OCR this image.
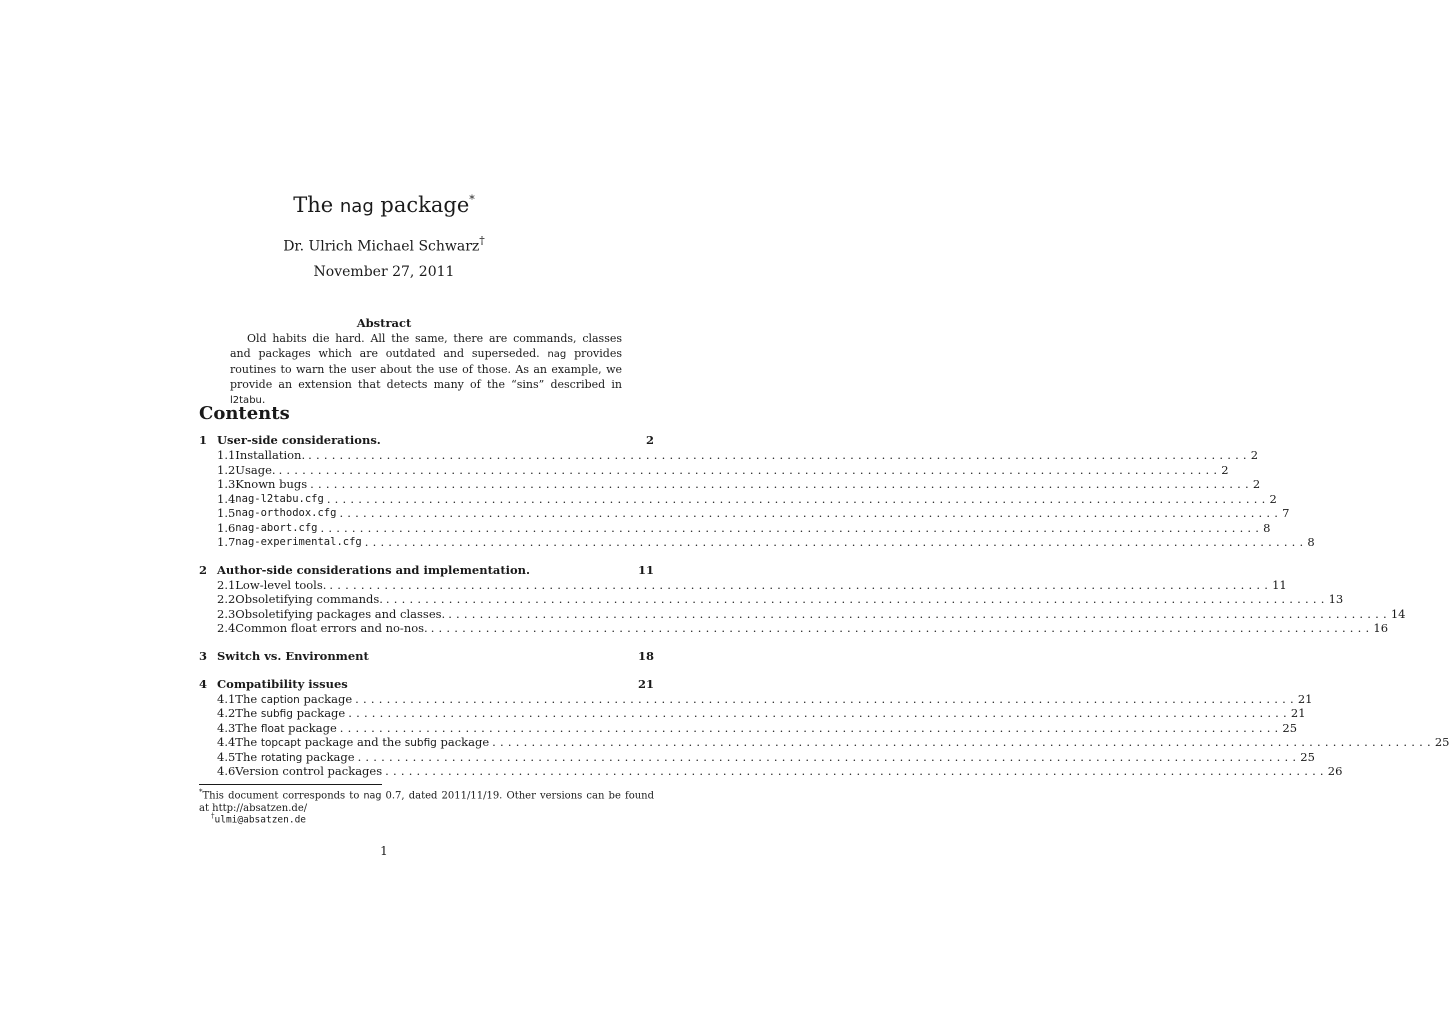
The nag package*
Dr. Ulrich Michael Schwarz†
November 27, 2011
Abstract
Old habits die hard. All the same, there are commands, classes and packages which are outdated and superseded. nag provides routines to warn the user about the use of those. As an example, we provide an extension that detects many of the “sins” described in l2tabu.
Contents
1 User-side considerations.	2
1.1 Installation. ........................................................................................................................ 2
1.2 Usage. ........................................................................................................................ 2
1.3 Known bugs ........................................................................................................................ 2
1.4 nag-l2tabu.cfg ........................................................................................................................ 2
1.5 nag-orthodox.cfg ........................................................................................................................ 7
1.6 nag-abort.cfg ........................................................................................................................ 8
1.7 nag-experimental.cfg ........................................................................................................................ 8
2 Author-side considerations and implementation.	11
2.1 Low-level tools. ........................................................................................................................ 11
2.2 Obsoletifying commands. ........................................................................................................................ 13
2.3 Obsoletifying packages and classes. ........................................................................................................................ 14
2.4 Common float errors and no-nos. ........................................................................................................................ 16
3 Switch vs. Environment	18
4 Compatibility issues	21
4.1 The caption package ........................................................................................................................ 21
4.2 The subfig package ........................................................................................................................ 21
4.3 The float package ........................................................................................................................ 25
4.4 The topcapt package and the subfig package ........................................................................................................................ 25
4.5 The rotating package ........................................................................................................................ 25
4.6 Version control packages ........................................................................................................................ 26
*This document corresponds to nag 0.7, dated 2011/11/19. Other versions can be found at http://absatzen.de/
†ulmi@absatzen.de
1
